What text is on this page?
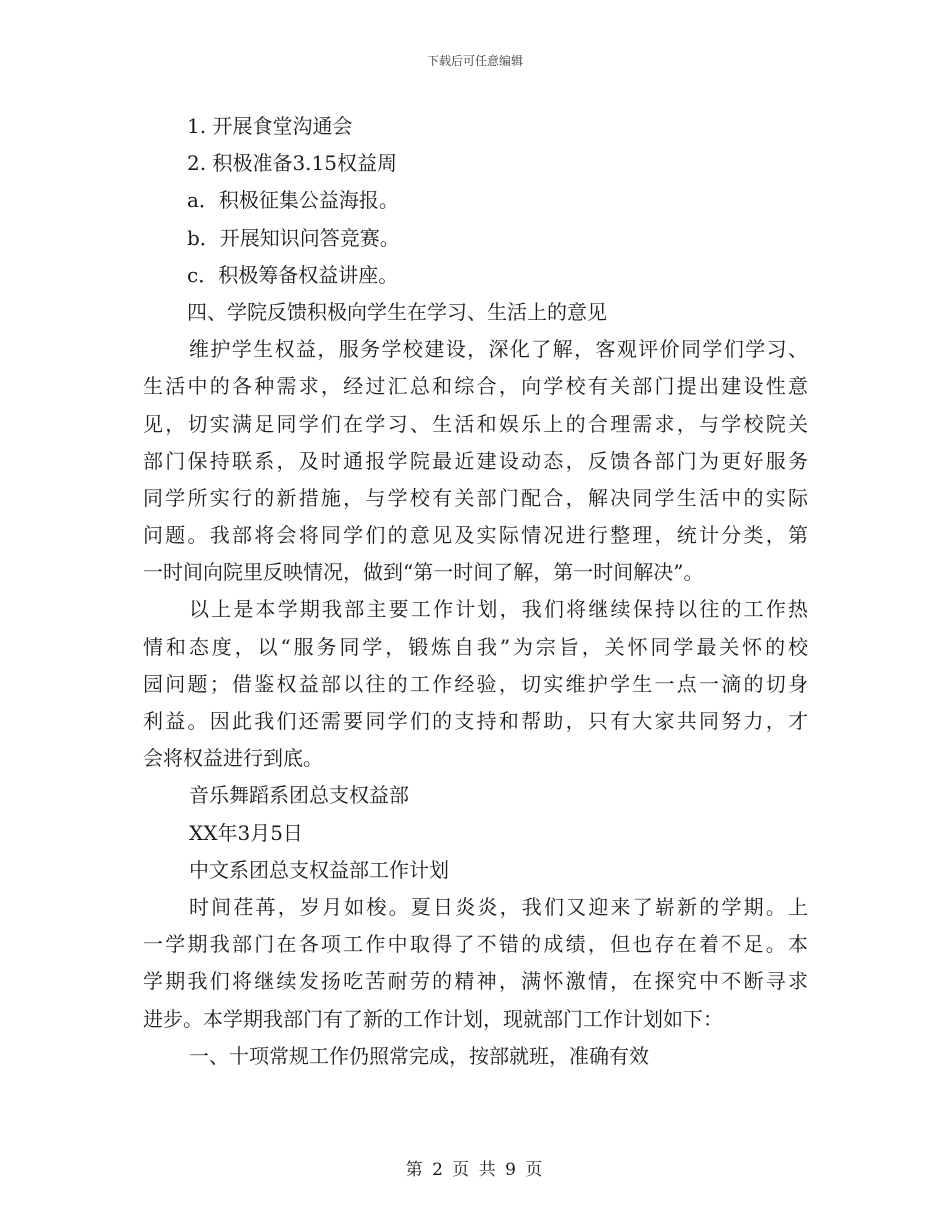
下载后可任意编辑
1. 开展食堂沟通会
2. 积极准备3.15权益周
a．积极征集公益海报。
b．开展知识问答竞赛。
c．积极筹备权益讲座。
四、学院反馈积极向学生在学习、生活上的意见
维护学生权益，服务学校建设，深化了解，客观评价同学们学习、
生活中的各种需求，经过汇总和综合，向学校有关部门提出建设性意
见，切实满足同学们在学习、生活和娱乐上的合理需求，与学校院关
部门保持联系，及时通报学院最近建设动态，反馈各部门为更好服务
同学所实行的新措施，与学校有关部门配合，解决同学生活中的实际
问题。我部将会将同学们的意见及实际情况进行整理，统计分类，第
一时间向院里反映情况，做到“第一时间了解，第一时间解决”。
以上是本学期我部主要工作计划，我们将继续保持以往的工作热
情和态度，以“服务同学，锻炼自我”为宗旨，关怀同学最关怀的校
园问题；借鉴权益部以往的工作经验，切实维护学生一点一滴的切身
利益。因此我们还需要同学们的支持和帮助，只有大家共同努力，才
会将权益进行到底。
音乐舞蹈系团总支权益部
XX年3月5日
中文系团总支权益部工作计划
时间荏苒，岁月如梭。夏日炎炎，我们又迎来了崭新的学期。上
一学期我部门在各项工作中取得了不错的成绩，但也存在着不足。本
学期我们将继续发扬吃苦耐劳的精神，满怀激情，在探究中不断寻求
进步。本学期我部门有了新的工作计划，现就部门工作计划如下：
一、十项常规工作仍照常完成，按部就班，准确有效
第 2 页 共 9 页
